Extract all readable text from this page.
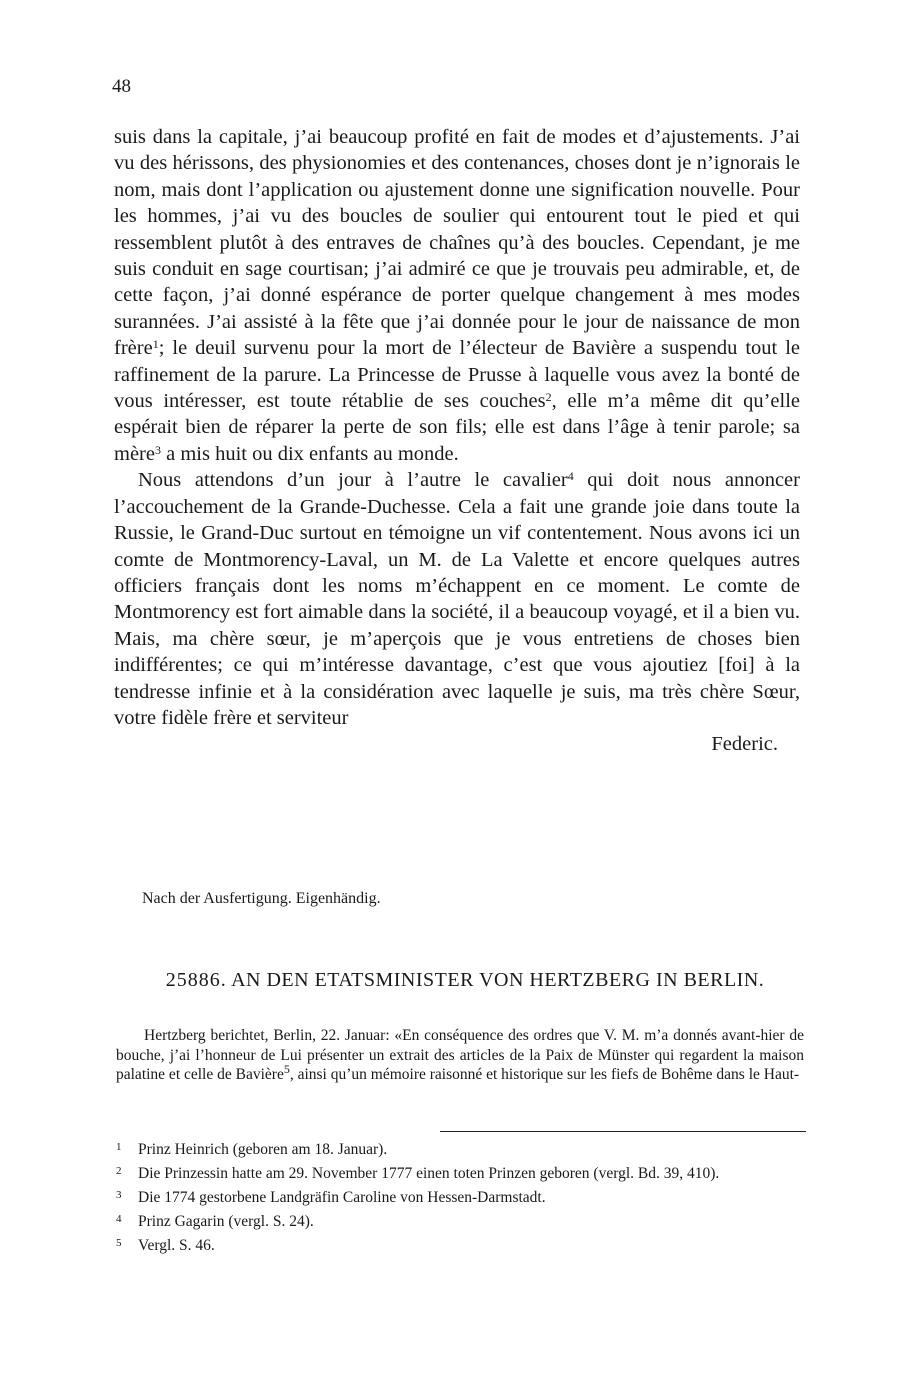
48

suis dans la capitale, j’ai beaucoup profité en fait de modes et d’ajustements. J’ai vu des hérissons, des physionomies et des contenances, choses dont je n’ignorais le nom, mais dont l’application ou ajustement donne une signification nouvelle. Pour les hommes, j’ai vu des boucles de soulier qui entourent tout le pied et qui ressemblent plutôt à des entraves de chaînes qu’à des boucles. Cependant, je me suis conduit en sage courtisan; j’ai admiré ce que je trouvais peu admirable, et, de cette façon, j’ai donné espérance de porter quelque changement à mes modes surannées. J’ai assisté à la fête que j’ai donnée pour le jour de naissance de mon frère$^1$; le deuil survenu pour la mort de l’électeur de Bavière a suspendu tout le raffinement de la parure. La Princesse de Prusse à laquelle vous avez la bonté de vous intéresser, est toute rétablie de ses couches$^2$, elle m’a même dit qu’elle espérait bien de réparer la perte de son fils; elle est dans l’âge à tenir parole; sa mère$^3$ a mis huit ou dix enfants au monde.

Nous attendons d’un jour à l’autre le cavalier$^4$ qui doit nous annoncer l’accouchement de la Grande-Duchesse. Cela a fait une grande joie dans toute la Russie, le Grand-Duc surtout en témoigne un vif contentement. Nous avons ici un comte de Montmorency-Laval, un M. de La Valette et encore quelques autres officiers français dont les noms m’échappent en ce moment. Le comte de Montmorency est fort aimable dans la société, il a beaucoup voyagé, et il a bien vu. Mais, ma chère sœur, je m’aperçois que je vous entretiens de choses bien indifférentes; ce qui m’intéresse davantage, c’est que vous ajoutiez [foi] à la tendresse infinie et à la considération avec laquelle je suis, ma très chère Sœur, votre fidèle frère et serviteur

Federic.

Nach der Ausfertigung. Eigenhändig.
25886. AN DEN ETATSMINISTER VON HERTZBERG IN BERLIN.

Hertzberg berichtet, Berlin, 22. Januar: «En conséquence des ordres que V. M. m’a donnés avant-hier de bouche, j’ai l’honneur de Lui présenter un extrait des articles de la Paix de Münster qui regardent la maison palatine et celle de Bavière$^5$, ainsi qu’un mémoire raisonné et historique sur les fiefs de Bohême dans le Haut-

1 Prinz Heinrich (geboren am 18. Januar).

2 Die Prinzessin hatte am 29. November 1777 einen toten Prinzen geboren (vergl. Bd. 39, 410).

3 Die 1774 gestorbene Landgräfin Caroline von Hessen-Darmstadt.

4 Prinz Gagarin (vergl. S. 24).

5 Vergl. S. 46.
